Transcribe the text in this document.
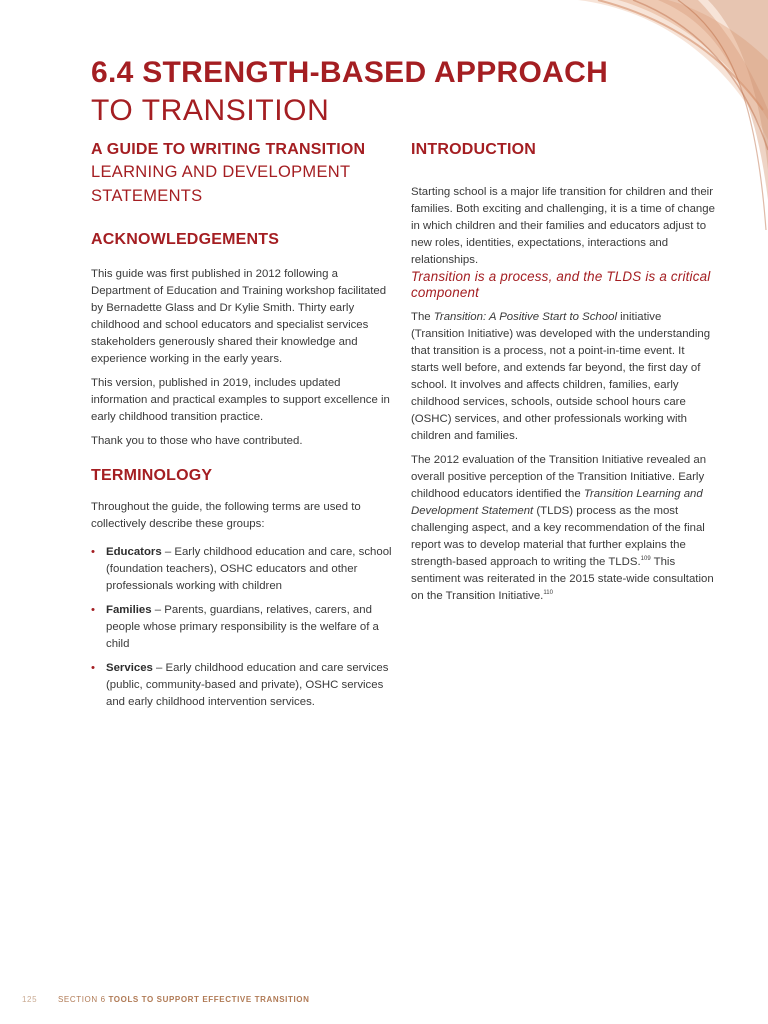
6.4 STRENGTH-BASED APPROACH
TO TRANSITION
A GUIDE TO WRITING TRANSITION

LEARNING AND DEVELOPMENT STATEMENTS

ACKNOWLEDGEMENTS

This guide was first published in 2012 following a Department of Education and Training workshop facilitated by Bernadette Glass and Dr Kylie Smith. Thirty early childhood and school educators and specialist services stakeholders generously shared their knowledge and experience working in the early years.

This version, published in 2019, includes updated information and practical examples to support excellence in early childhood transition practice.

Thank you to those who have contributed.

TERMINOLOGY

Throughout the guide, the following terms are used to collectively describe these groups:

• Educators – Early childhood education and care, school (foundation teachers), OSHC educators and other professionals working with children
• Families – Parents, guardians, relatives, carers, and people whose primary responsibility is the welfare of a child
• Services – Early childhood education and care services (public, community-based and private), OSHC services and early childhood intervention services.
INTRODUCTION

Starting school is a major life transition for children and their families. Both exciting and challenging, it is a time of change in which children and their families and educators adjust to new roles, identities, expectations, interactions and relationships.

Transition is a process, and the TLDS is a critical component

The Transition: A Positive Start to School initiative (Transition Initiative) was developed with the understanding that transition is a process, not a point-in-time event. It starts well before, and extends far beyond, the first day of school. It involves and affects children, families, early childhood services, schools, outside school hours care (OSHC) services, and other professionals working with children and families.

The 2012 evaluation of the Transition Initiative revealed an overall positive perception of the Transition Initiative. Early childhood educators identified the Transition Learning and Development Statement (TLDS) process as the most challenging aspect, and a key recommendation of the final report was to develop material that further explains the strength-based approach to writing the TLDS.$^{109}$ This sentiment was reiterated in the 2015 state-wide consultation on the Transition Initiative.$^{110}$

125	SECTION 6 TOOLS TO SUPPORT EFFECTIVE TRANSITION
